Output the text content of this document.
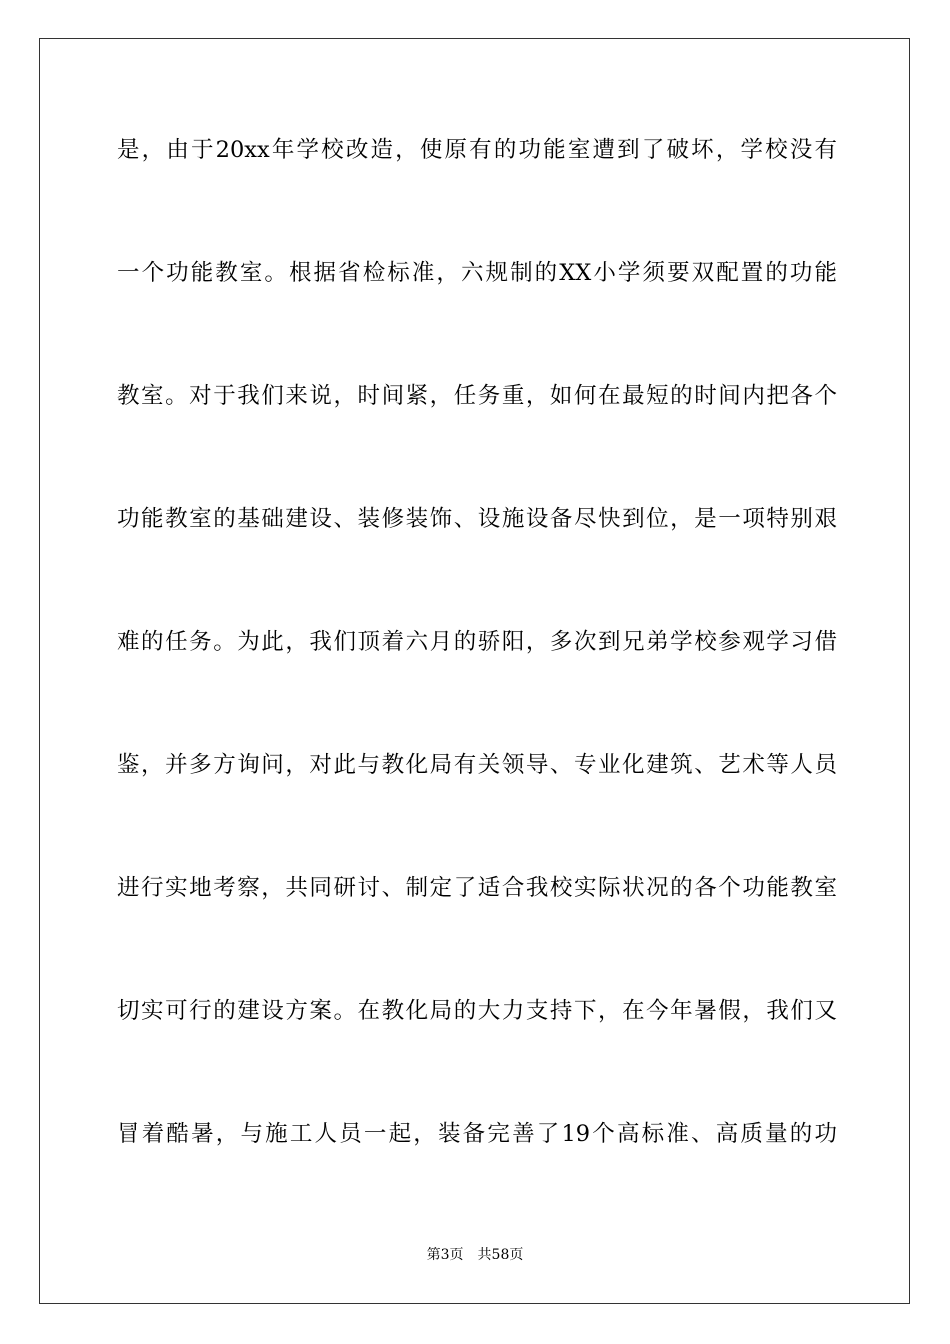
是，由于20xx年学校改造，使原有的功能室遭到了破坏，学校没有
一个功能教室。根据省检标准，六规制的XX小学须要双配置的功能
教室。对于我们来说，时间紧，任务重，如何在最短的时间内把各个
功能教室的基础建设、装修装饰、设施设备尽快到位，是一项特别艰
难的任务。为此，我们顶着六月的骄阳，多次到兄弟学校参观学习借
鉴，并多方询问，对此与教化局有关领导、专业化建筑、艺术等人员
进行实地考察，共同研讨、制定了适合我校实际状况的各个功能教室
切实可行的建设方案。在教化局的大力支持下，在今年暑假，我们又
冒着酷暑，与施工人员一起，装备完善了19个高标准、高质量的功
第3页 共58页
